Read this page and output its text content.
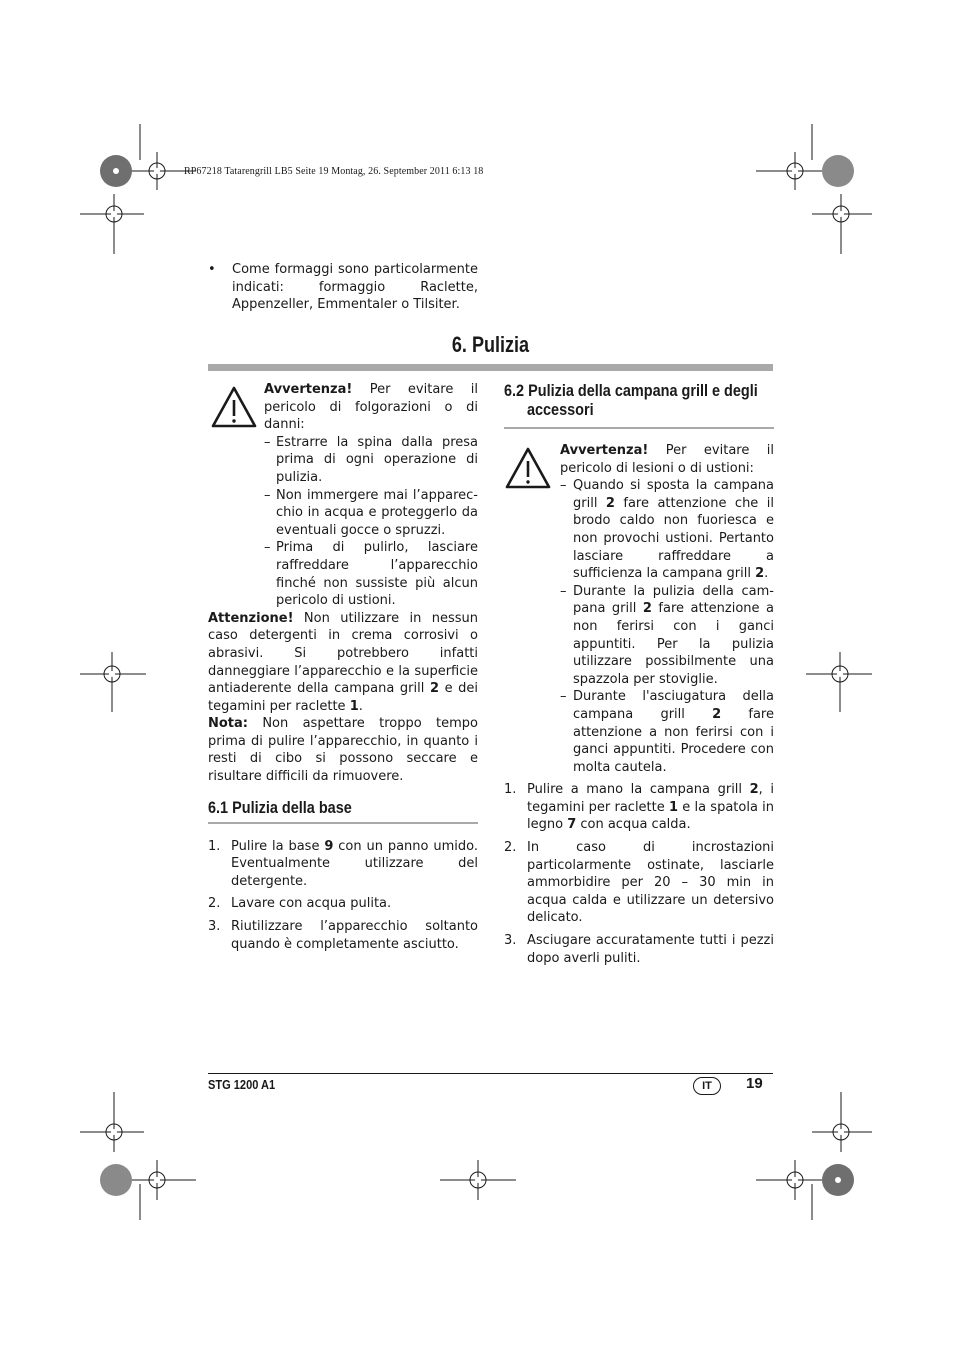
RP67218 Tatarengrill LB5 Seite 19 Montag, 26. September 2011 6:13 18
• Come formaggi sono particolarmente indicati: formaggio Raclette, Appenzeller, Emmentaler o Tilsiter.
6. Pulizia
Avvertenza! Per evitare il pericolo di folgorazioni o di danni:
– Estrarre la spina dalla presa prima di ogni operazione di pulizia.
– Non immergere mai l’apparecchio in acqua e proteggerlo da eventuali gocce o spruzzi.
– Prima di pulirlo, lasciare raffreddare l’apparecchio finché non sussiste più alcun pericolo di ustioni.
Attenzione! Non utilizzare in nessun caso detergenti in crema corrosivi o abrasivi. Si potrebbero infatti danneggiare l’apparecchio e la superficie antiaderente della campana grill 2 e dei tegamini per raclette 1.
Nota: Non aspettare troppo tempo prima di pulire l’apparecchio, in quanto i resti di cibo si possono seccare e risultare difficili da rimuovere.
6.1 Pulizia della base
1. Pulire la base 9 con un panno umido. Eventualmente utilizzare del detergente.
2. Lavare con acqua pulita.
3. Riutilizzare l’apparecchio soltanto quando è completamente asciutto.
6.2 Pulizia della campana grill e degli
accessori
Avvertenza! Per evitare il pericolo di lesioni o di ustioni:
– Quando si sposta la campana grill 2 fare attenzione che il brodo caldo non fuoriesca e non provochi ustioni. Pertanto lasciare raffreddare a sufficienza la campana grill 2.
– Durante la pulizia della campana grill 2 fare attenzione a non ferirsi con i ganci appuntiti. Per la pulizia utilizzare possibilmente una spazzola per stoviglie.
– Durante l'asciugatura della campana grill 2 fare attenzione a non ferirsi con i ganci appuntiti. Procedere con molta cautela.
1. Pulire a mano la campana grill 2, i tegamini per raclette 1 e la spatola in legno 7 con acqua calda.
2. In caso di incrostazioni particolarmente ostinate, lasciarle ammorbidire per 20 – 30 min in acqua calda e utilizzare un detersivo delicato.
3. Asciugare accuratamente tutti i pezzi dopo averli puliti.
STG 1200 A1	IT	19
